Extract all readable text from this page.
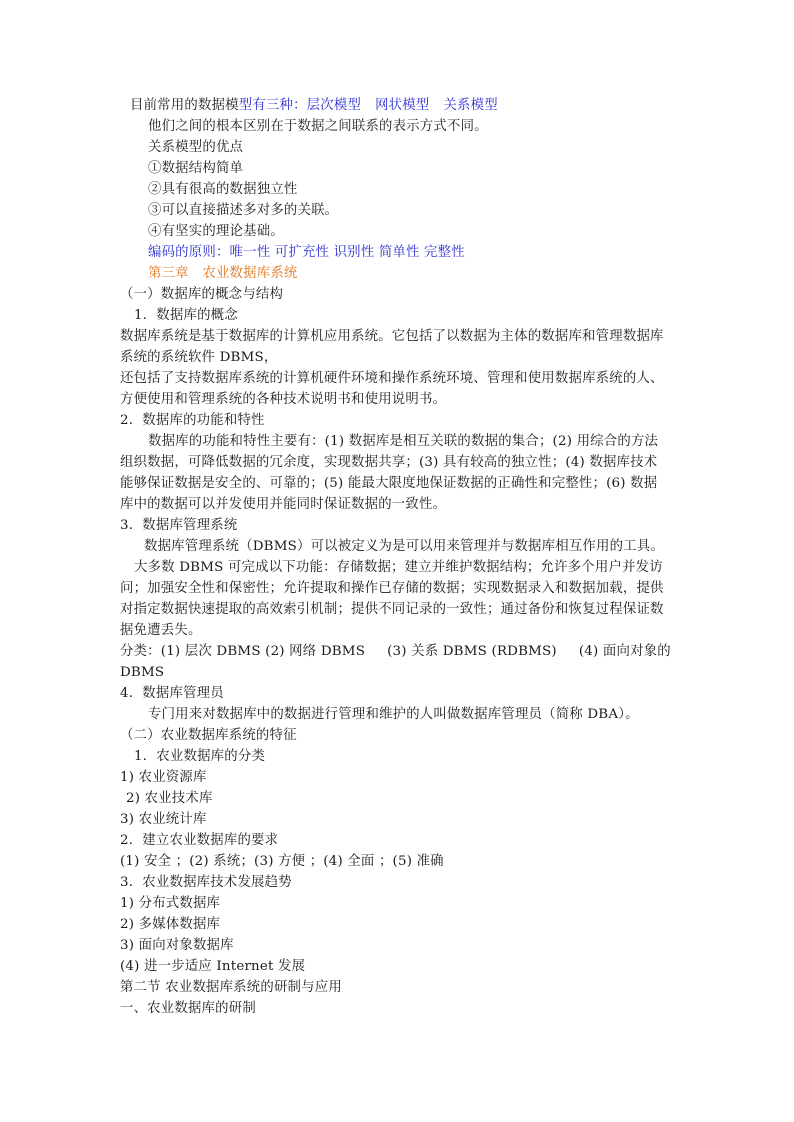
目前常用的数据模型有三种：层次模型 网状模型 关系模型
他们之间的根本区别在于数据之间联系的表示方式不同。
关系模型的优点
①数据结构简单
②具有很高的数据独立性
③可以直接描述多对多的关联。
④有坚实的理论基础。
编码的原则：唯一性 可扩充性 识别性 简单性 完整性
第三章　农业数据库系统
（一）数据库的概念与结构
1．数据库的概念
数据库系统是基于数据库的计算机应用系统。它包括了以数据为主体的数据库和管理数据库
系统的系统软件 DBMS，
还包括了支持数据库系统的计算机硬件环境和操作系统环境、管理和使用数据库系统的人、
方便使用和管理系统的各种技术说明书和使用说明书。
2．数据库的功能和特性
数据库的功能和特性主要有：(1) 数据库是相互关联的数据的集合；(2) 用综合的方法
组织数据，可降低数据的冗余度，实现数据共享；(3) 具有较高的独立性；(4) 数据库技术
能够保证数据是安全的、可靠的；(5) 能最大限度地保证数据的正确性和完整性；(6) 数据
库中的数据可以并发使用并能同时保证数据的一致性。
3．数据库管理系统
数据库管理系统（DBMS）可以被定义为是可以用来管理并与数据库相互作用的工具。
大多数 DBMS 可完成以下功能：存储数据；建立并维护数据结构；允许多个用户并发访
问；加强安全性和保密性；允许提取和操作已存储的数据；实现数据录入和数据加载，提供
对指定数据快速提取的高效索引机制；提供不同记录的一致性；通过备份和恢复过程保证数
据免遭丢失。
分类：(1) 层次 DBMS (2) 网络 DBMS (3) 关系 DBMS (RDBMS) (4) 面向对象的
DBMS
4．数据库管理员
专门用来对数据库中的数据进行管理和维护的人叫做数据库管理员（简称 DBA）。
（二）农业数据库系统的特征
1．农业数据库的分类
1) 农业资源库
2) 农业技术库
3) 农业统计库
2．建立农业数据库的要求
(1) 安全 ；(2) 系统；(3) 方便 ；(4) 全面 ；(5) 准确
3．农业数据库技术发展趋势
1) 分布式数据库
2) 多媒体数据库
3) 面向对象数据库
(4) 进一步适应 Internet 发展
第二节 农业数据库系统的研制与应用
一、农业数据库的研制
